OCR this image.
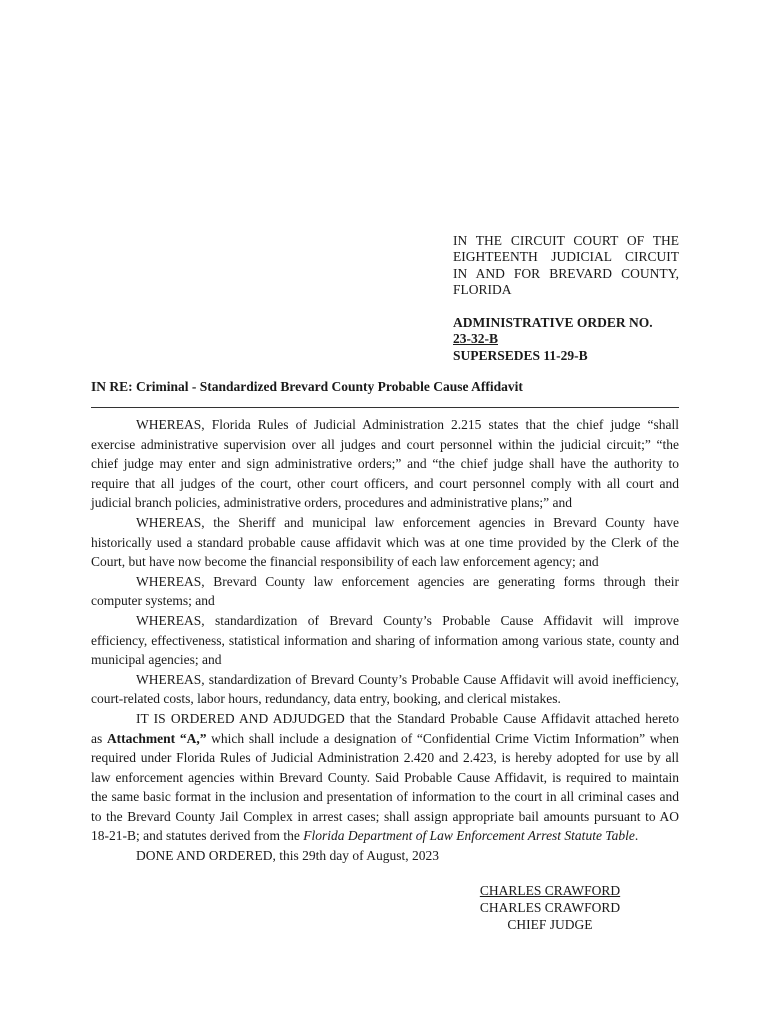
IN THE CIRCUIT COURT OF THE
EIGHTEENTH JUDICIAL CIRCUIT
IN AND FOR BREVARD COUNTY,
FLORIDA
ADMINISTRATIVE ORDER NO.
23-32-B
SUPERSEDES 11-29-B
IN RE: Criminal - Standardized Brevard County Probable Cause Affidavit
WHEREAS, Florida Rules of Judicial Administration 2.215 states that the chief judge “shall
exercise administrative supervision over all judges and court personnel within the judicial circuit;” “the
chief judge may enter and sign administrative orders;” and “the chief judge shall have the authority to
require that all judges of the court, other court officers, and court personnel comply with all court and
judicial branch policies, administrative orders, procedures and administrative plans;” and
WHEREAS, the Sheriff and municipal law enforcement agencies in Brevard County have
historically used a standard probable cause affidavit which was at one time provided by the Clerk of the
Court, but have now become the financial responsibility of each law enforcement agency; and
WHEREAS, Brevard County law enforcement agencies are generating forms through their
computer systems; and
WHEREAS, standardization of Brevard County’s Probable Cause Affidavit will improve
efficiency, effectiveness, statistical information and sharing of information among various state, county and
municipal agencies; and
WHEREAS, standardization of Brevard County’s Probable Cause Affidavit will avoid inefficiency,
court-related costs, labor hours, redundancy, data entry, booking, and clerical mistakes.
IT IS ORDERED AND ADJUDGED that the Standard Probable Cause Affidavit attached hereto
as Attachment “A,” which shall include a designation of “Confidential Crime Victim Information” when
required under Florida Rules of Judicial Administration 2.420 and 2.423, is hereby adopted for use by all
law enforcement agencies within Brevard County. Said Probable Cause Affidavit, is required to maintain
the same basic format in the inclusion and presentation of information to the court in all criminal cases and
to the Brevard County Jail Complex in arrest cases; shall assign appropriate bail amounts pursuant to AO
18-21-B; and statutes derived from the Florida Department of Law Enforcement Arrest Statute Table.
DONE AND ORDERED, this 29th day of August, 2023
CHARLES CRAWFORD
CHARLES CRAWFORD
CHIEF JUDGE
